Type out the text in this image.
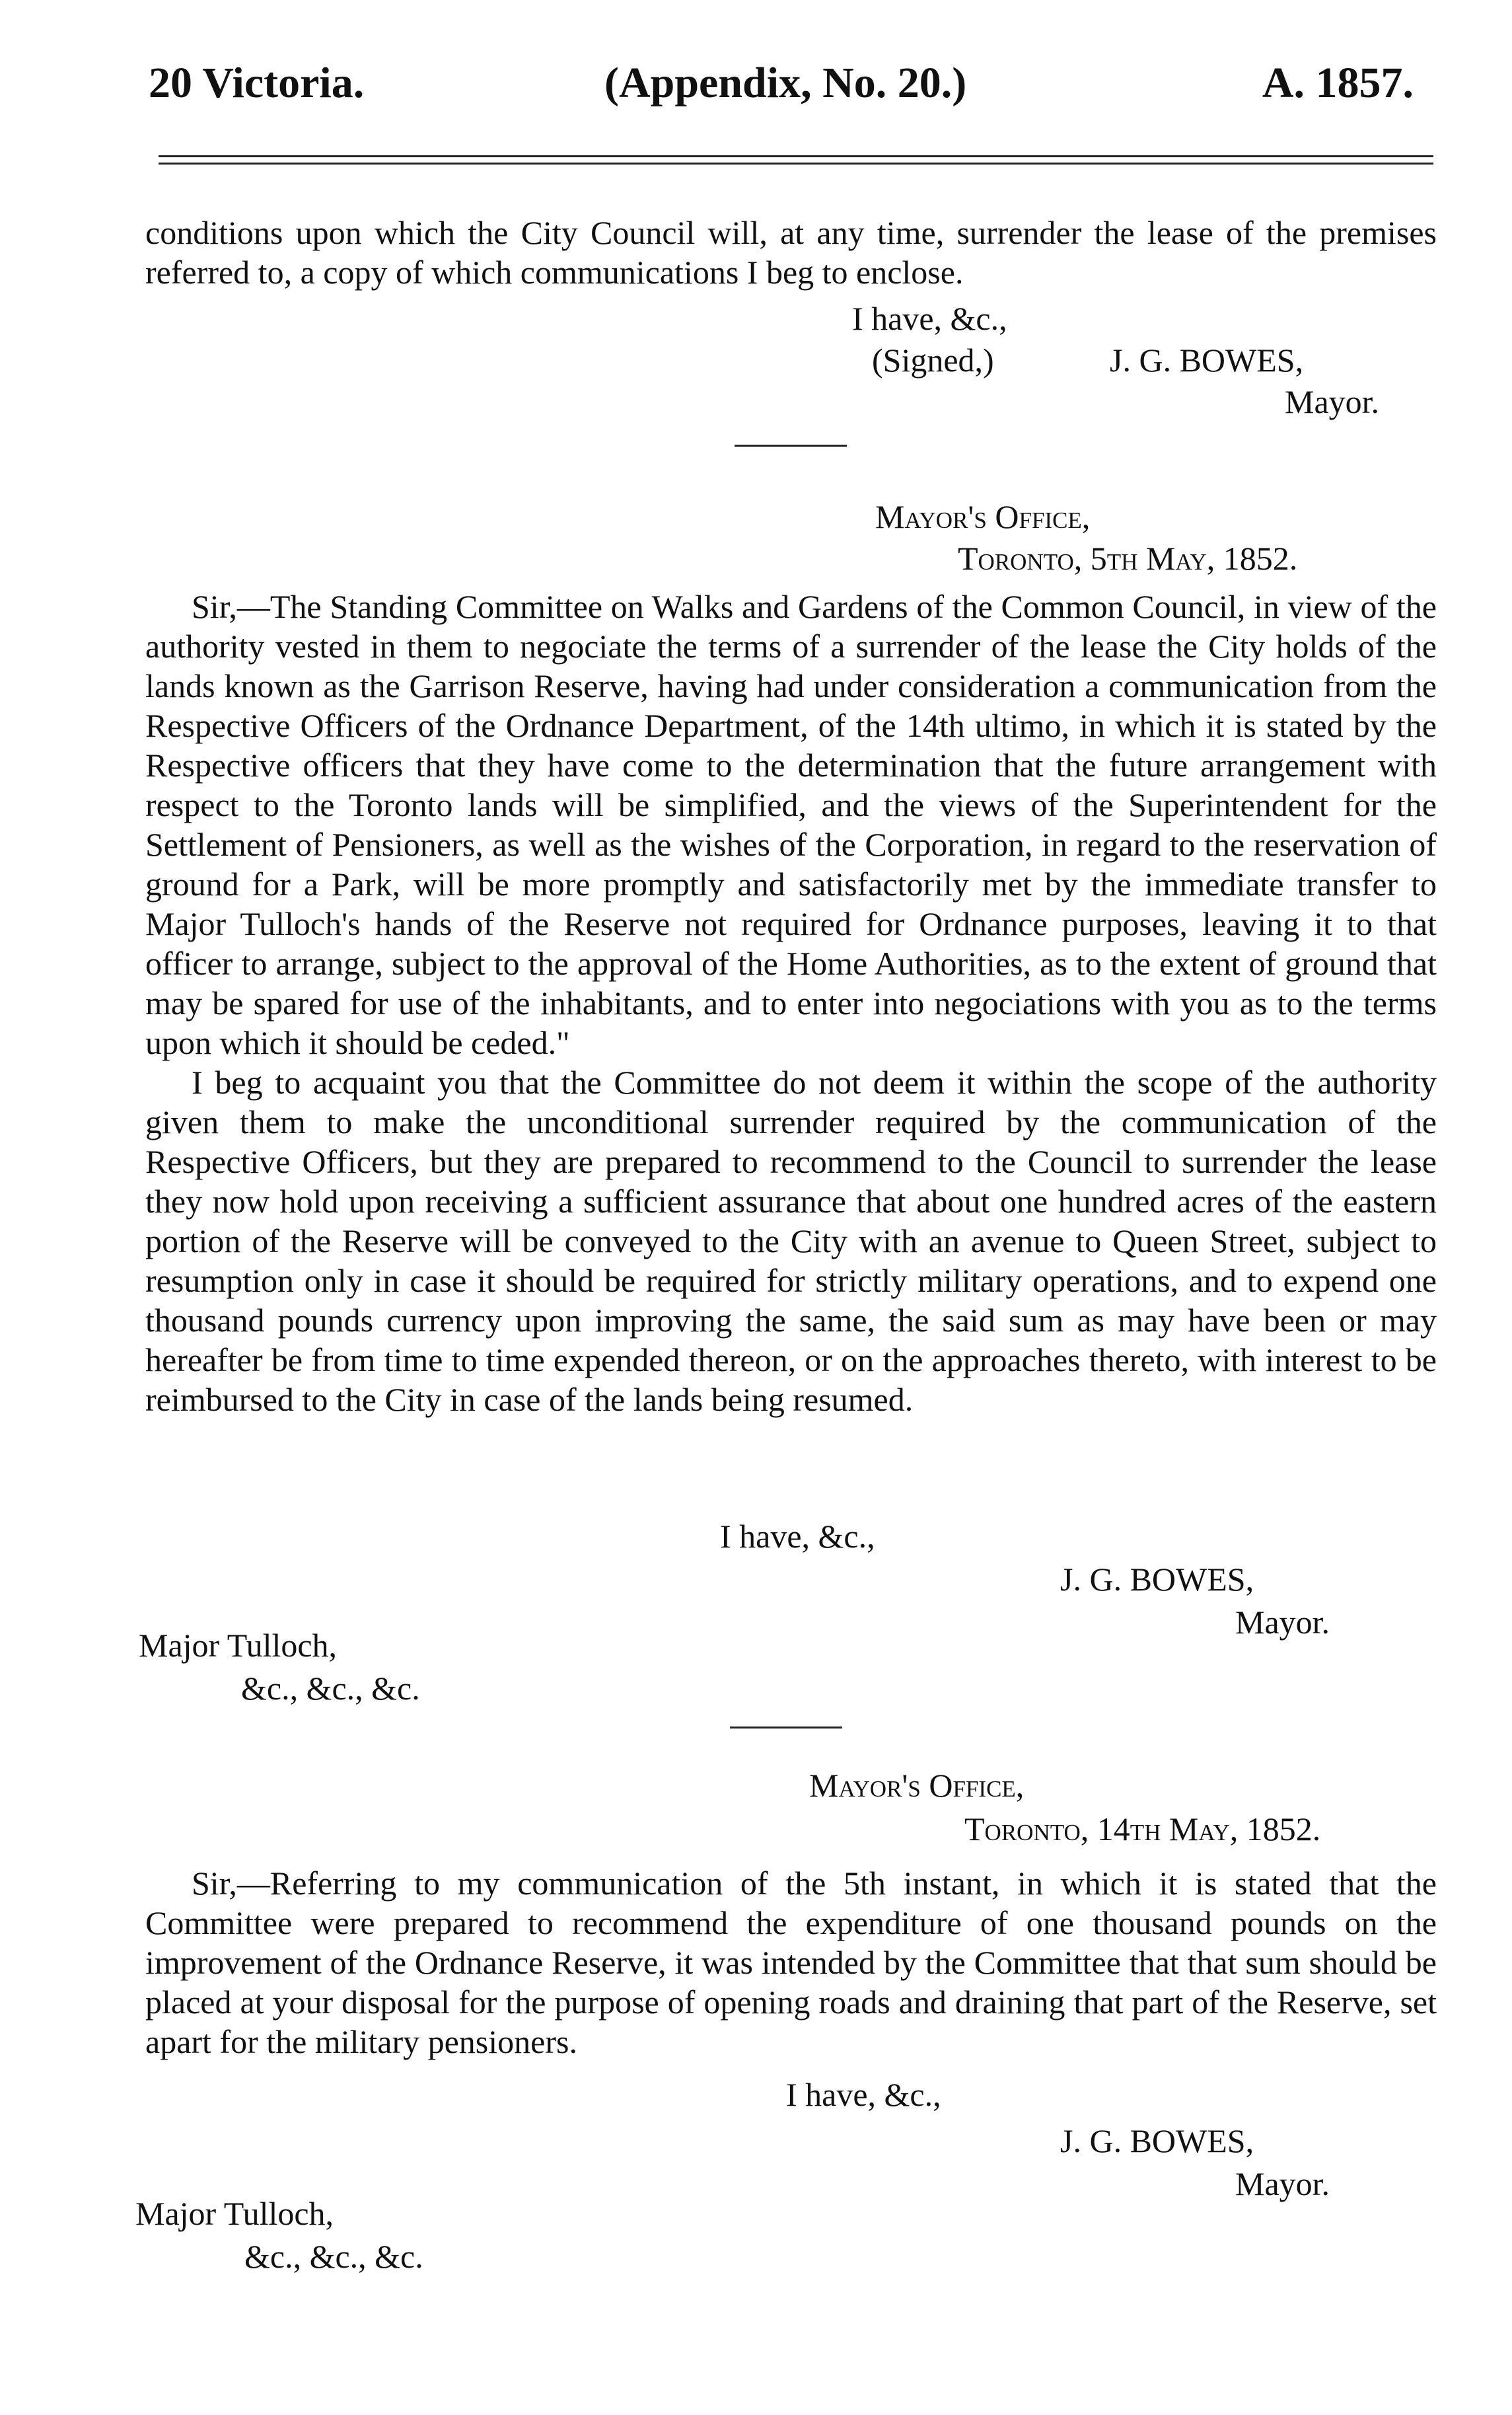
20 Victoria.	(Appendix, No. 20.)	A. 1857.

conditions upon which the City Council will, at any time, surrender the lease of the premises referred to, a copy of which communications I beg to enclose.

I have, &c.,
(Signed,)	J. G. BOWES,
Mayor.
Mayor's Office,
Toronto, 5th May, 1852.

Sir,—The Standing Committee on Walks and Gardens of the Common Council, in view of the authority vested in them to negociate the terms of a surrender of the lease the City holds of the lands known as the Garrison Reserve, having had under consideration a communication from the Respective Officers of the Ordnance Department, of the 14th ultimo, in which it is stated by the Respective officers that they have come to the determination that the future arrangement with respect to the Toronto lands will be simplified, and the views of the Superintendent for the Settlement of Pensioners, as well as the wishes of the Corporation, in regard to the reservation of ground for a Park, will be more promptly and satisfactorily met by the immediate transfer to Major Tulloch's hands of the Reserve not required for Ordnance purposes, leaving it to that officer to arrange, subject to the approval of the Home Authorities, as to the extent of ground that may be spared for use of the inhabitants, and to enter into negociations with you as to the terms upon which it should be ceded."

I beg to acquaint you that the Committee do not deem it within the scope of the authority given them to make the unconditional surrender required by the communication of the Respective Officers, but they are prepared to recommend to the Council to surrender the lease they now hold upon receiving a sufficient assurance that about one hundred acres of the eastern portion of the Reserve will be conveyed to the City with an avenue to Queen Street, subject to resumption only in case it should be required for strictly military operations, and to expend one thousand pounds currency upon improving the same, the said sum as may have been or may hereafter be from time to time expended thereon, or on the approaches thereto, with interest to be reimbursed to the City in case of the lands being resumed.

I have, &c.,
J. G. BOWES,
Mayor.
Major Tulloch,
&c., &c., &c.
Mayor's Office,
Toronto, 14th May, 1852.

Sir,—Referring to my communication of the 5th instant, in which it is stated that the Committee were prepared to recommend the expenditure of one thousand pounds on the improvement of the Ordnance Reserve, it was intended by the Committee that that sum should be placed at your disposal for the purpose of opening roads and draining that part of the Reserve, set apart for the military pensioners.

I have, &c.,
J. G. BOWES,
Mayor.
Major Tulloch,
&c., &c., &c.
